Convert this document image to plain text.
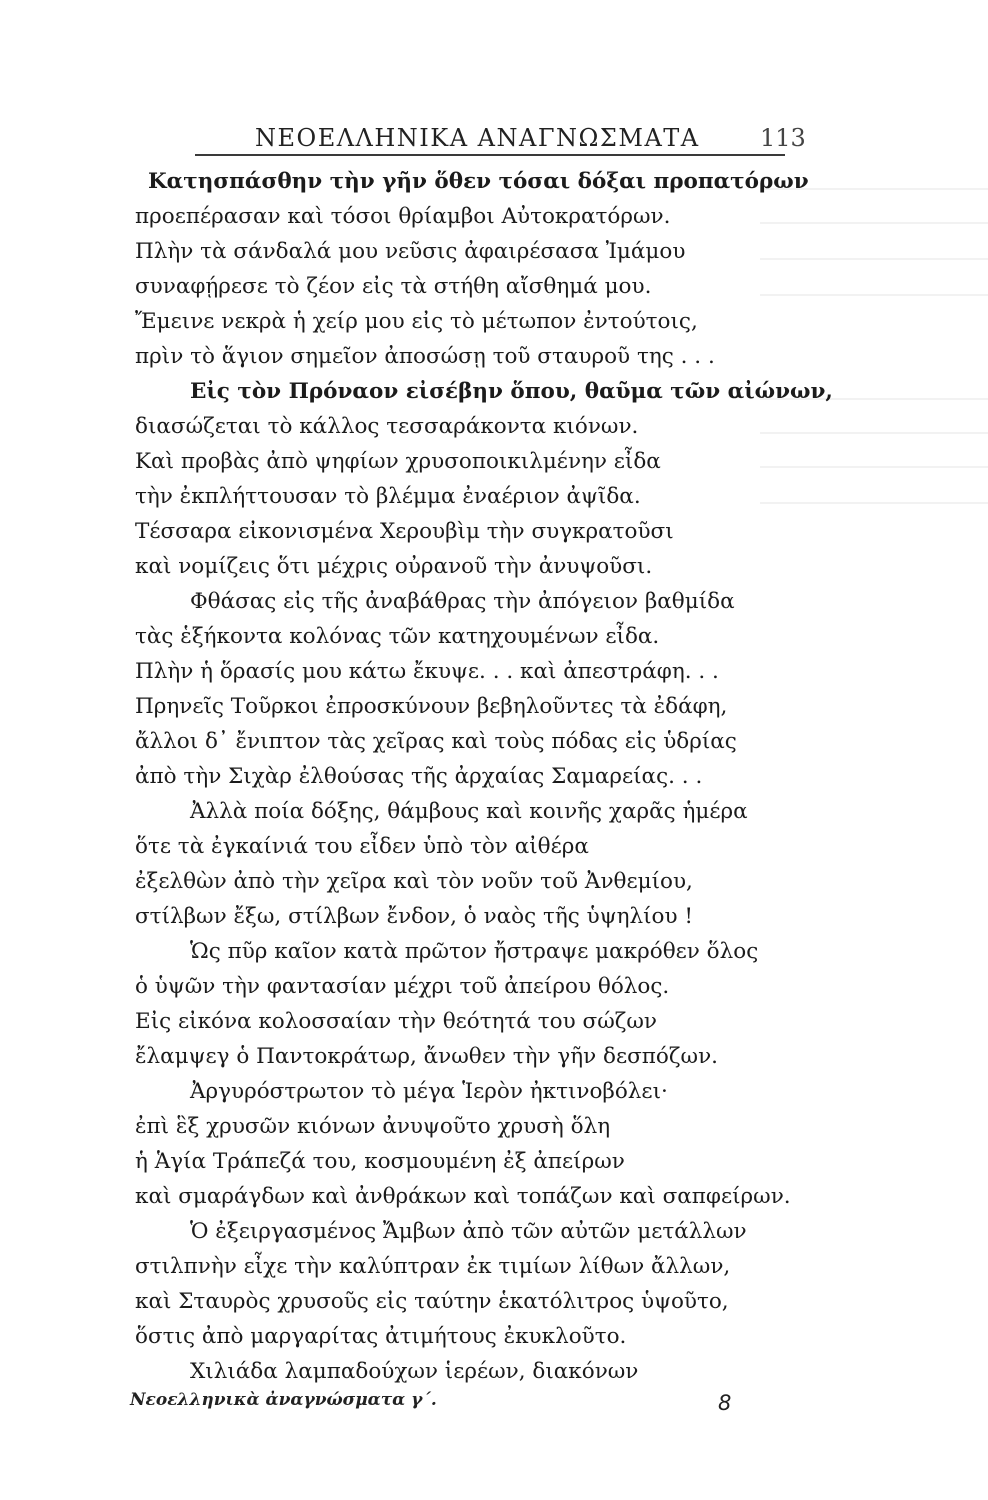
ΝΕΟΕΛΛΗΝΙΚΑ ΑΝΑΓΝΩΣΜΑΤΑ	113
Κατησπάσθην τὴν γῆν ὅθεν τόσαι δόξαι προπατόρων
προεπέρασαν καὶ τόσοι θρίαμβοι Αὐτοκρατόρων.
Πλὴν τὰ σάνδαλά μου νεῦσις ἀφαιρέσασα Ἰμάμου
συναφῄρεσε τὸ ζέον εἰς τὰ στήθη αἴσθημά μου.
Ἔμεινε νεκρὰ ἡ χείρ μου εἰς τὸ μέτωπον ἐντούτοις,
πρὶν τὸ ἅγιον σημεῖον ἀποσώσῃ τοῦ σταυροῦ της . . .
Εἰς τὸν Πρόναον εἰσέβην ὅπου, θαῦμα τῶν αἰώνων,
διασώζεται τὸ κάλλος τεσσαράκοντα κιόνων.
Καὶ προβὰς ἀπὸ ψηφίων χρυσοποικιλμένην εἶδα
τὴν ἐκπλήττουσαν τὸ βλέμμα ἐναέριον ἀψῖδα.
Τέσσαρα εἰκονισμένα Χερουβὶμ τὴν συγκρατοῦσι
καὶ νομίζεις ὅτι μέχρις οὐρανοῦ τὴν ἀνυψοῦσι.
Φθάσας εἰς τῆς ἀναβάθρας τὴν ἀπόγειον βαθμίδα
τὰς ἑξήκοντα κολόνας τῶν κατηχουμένων εἶδα.
Πλὴν ἡ ὅρασίς μου κάτω ἔκυψε. . . καὶ ἀπεστράφη. . .
Πρηνεῖς Τοῦρκοι ἐπροσκύνουν βεβηλοῦντες τὰ ἐδάφη,
ἄλλοι δ᾽ ἔνιπτον τὰς χεῖρας καὶ τοὺς πόδας εἰς ὑδρίας
ἀπὸ τὴν Σιχὰρ ἐλθούσας τῆς ἀρχαίας Σαμαρείας. . .
Ἀλλὰ ποία δόξης, θάμβους καὶ κοινῆς χαρᾶς ἡμέρα
ὅτε τὰ ἐγκαίνιά του εἶδεν ὑπὸ τὸν αἰθέρα
ἐξελθὼν ἀπὸ τὴν χεῖρα καὶ τὸν νοῦν τοῦ Ἀνθεμίου,
στίλβων ἔξω, στίλβων ἔνδον, ὁ ναὸς τῆς ὑψηλίου !
Ὡς πῦρ καῖον κατὰ πρῶτον ἤστραψε μακρόθεν ὅλος
ὁ ὑψῶν τὴν φαντασίαν μέχρι τοῦ ἀπείρου θόλος.
Εἰς εἰκόνα κολοσσαίαν τὴν θεότητά του σώζων
ἔλαμψεγ ὁ Παντοκράτωρ, ἄνωθεν τὴν γῆν δεσπόζων.
Ἀργυρόστρωτον τὸ μέγα Ἱερὸν ἠκτινοβόλει·
ἐπὶ ἓξ χρυσῶν κιόνων ἀνυψοῦτο χρυσὴ ὅλη
ἡ Ἁγία Τράπεζά του, κοσμουμένη ἐξ ἀπείρων
καὶ σμαράγδων καὶ ἀνθράκων καὶ τοπάζων καὶ σαπφείρων.
Ὁ ἐξειργασμένος Ἄμβων ἀπὸ τῶν αὐτῶν μετάλλων
στιλπνὴν εἶχε τὴν καλύπτραν ἐκ τιμίων λίθων ἄλλων,
καὶ Σταυρὸς χρυσοῦς εἰς ταύτην ἑκατόλιτρος ὑψοῦτο,
ὅστις ἀπὸ μαργαρίτας ἀτιμήτους ἐκυκλοῦτο.
Χιλιάδα λαμπαδούχων ἱερέων, διακόνων
Νεοελληνικὰ ἀναγνώσματα γ΄.	8
